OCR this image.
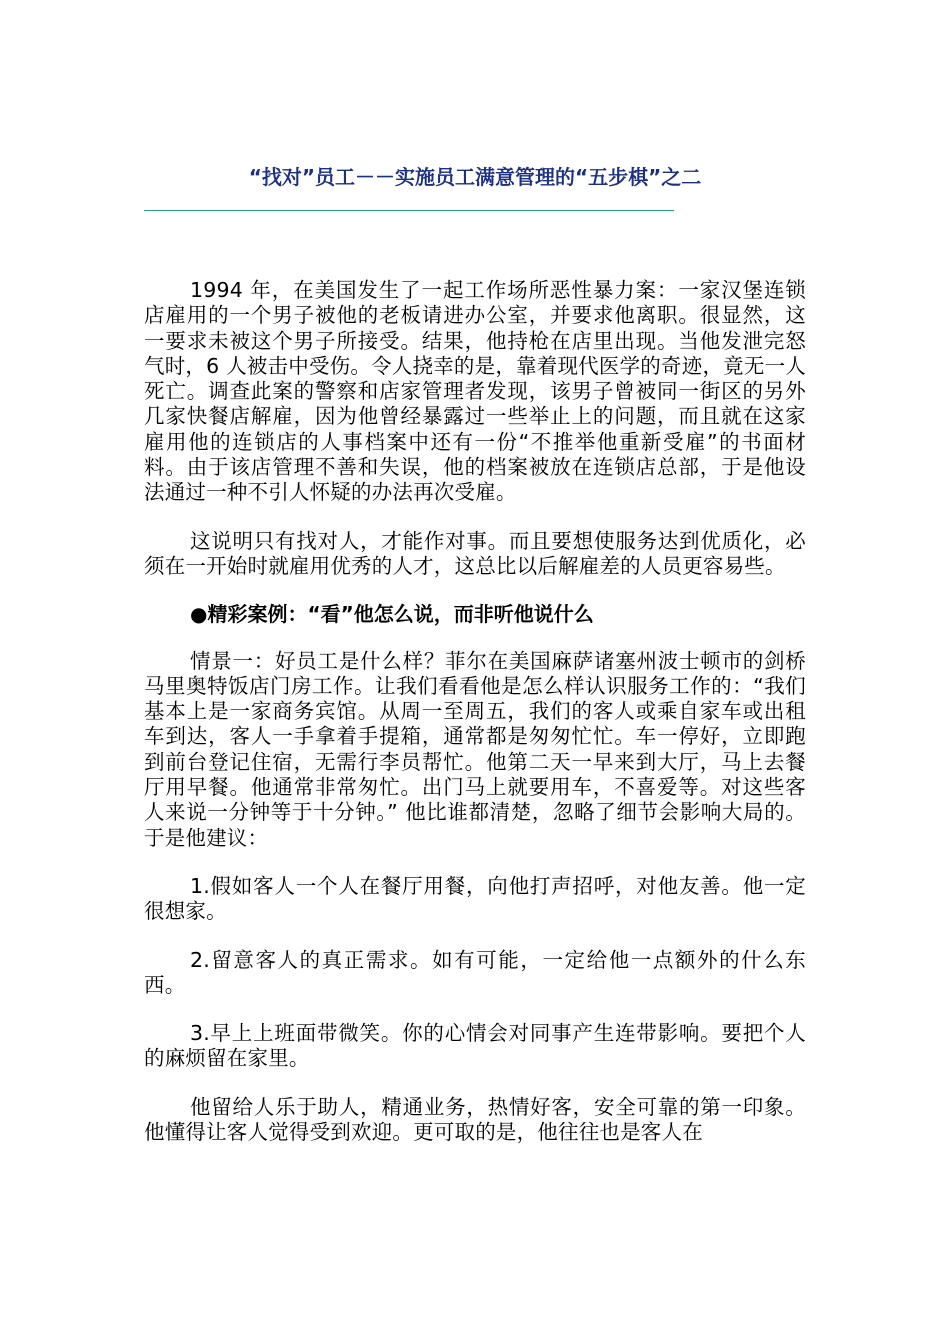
“找对”员工－－实施员工满意管理的“五步棋”之二

1994 年，在美国发生了一起工作场所恶性暴力案：一家汉堡连锁店雇用的一个男子被他的老板请进办公室，并要求他离职。很显然，这一要求未被这个男子所接受。结果，他持枪在店里出现。当他发泄完怒气时，6 人被击中受伤。令人挠幸的是，靠着现代医学的奇迹，竟无一人死亡。调查此案的警察和店家管理者发现，该男子曾被同一街区的另外几家快餐店解雇，因为他曾经暴露过一些举止上的问题，而且就在这家雇用他的连锁店的人事档案中还有一份“不推举他重新受雇”的书面材料。由于该店管理不善和失误，他的档案被放在连锁店总部，于是他设法通过一种不引人怀疑的办法再次受雇。

这说明只有找对人，才能作对事。而且要想使服务达到优质化，必须在一开始时就雇用优秀的人才，这总比以后解雇差的人员更容易些。

●精彩案例：“看”他怎么说，而非听他说什么

情景一：好员工是什么样？菲尔在美国麻萨诸塞州波士顿市的剑桥马里奥特饭店门房工作。让我们看看他是怎么样认识服务工作的：“我们基本上是一家商务宾馆。从周一至周五，我们的客人或乘自家车或出租车到达，客人一手拿着手提箱，通常都是匆匆忙忙。车一停好，立即跑到前台登记住宿，无需行李员帮忙。他第二天一早来到大厅，马上去餐厅用早餐。他通常非常匆忙。出门马上就要用车，不喜爱等。对这些客人来说一分钟等于十分钟。” 他比谁都清楚，忽略了细节会影响大局的。于是他建议：

1.假如客人一个人在餐厅用餐，向他打声招呼，对他友善。他一定很想家。

2.留意客人的真正需求。如有可能，一定给他一点额外的什么东西。

3.早上上班面带微笑。你的心情会对同事产生连带影响。要把个人的麻烦留在家里。

他留给人乐于助人，精通业务，热情好客，安全可靠的第一印象。他懂得让客人觉得受到欢迎。更可取的是，他往往也是客人在
